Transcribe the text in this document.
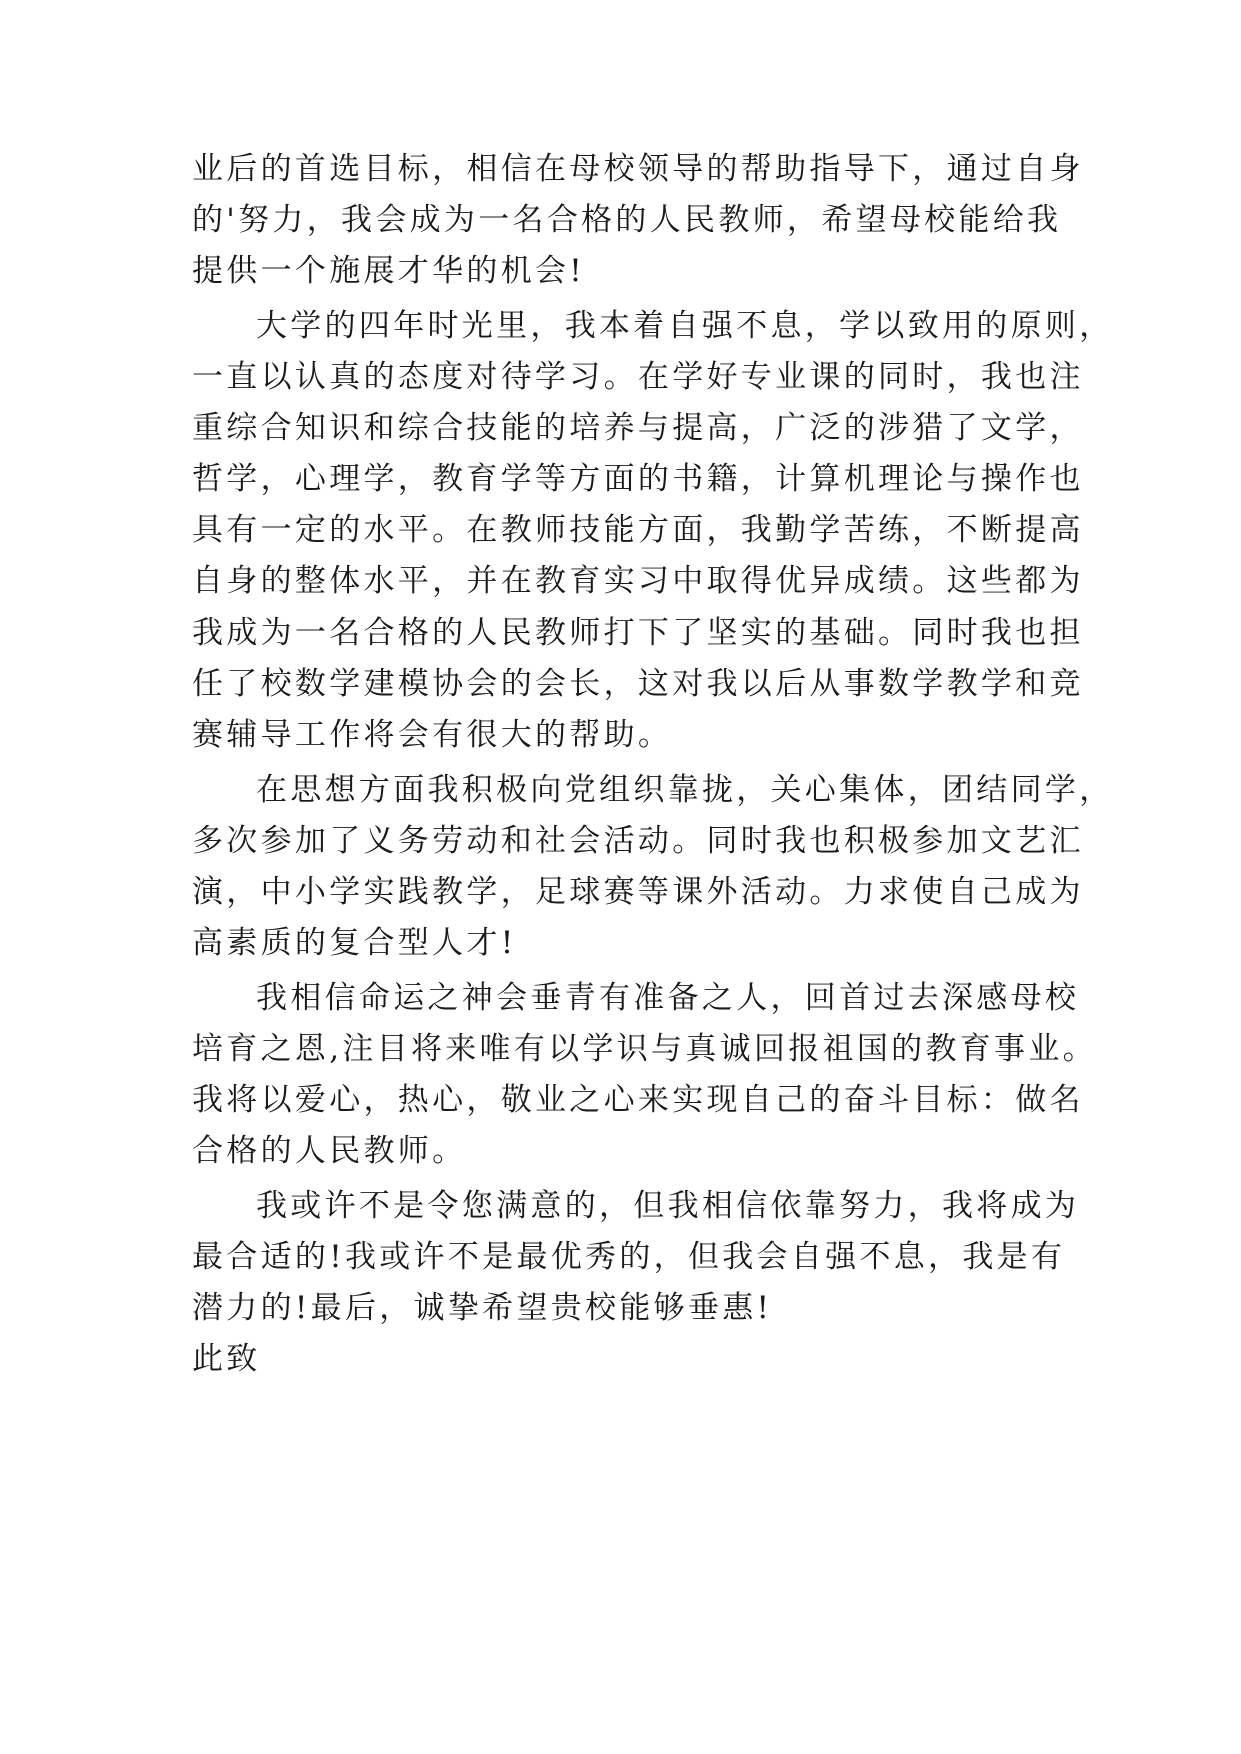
业后的首选目标，相信在母校领导的帮助指导下，通过自身
的'努力，我会成为一名合格的人民教师，希望母校能给我
提供一个施展才华的机会!
大学的四年时光里，我本着自强不息，学以致用的原则，
一直以认真的态度对待学习。在学好专业课的同时，我也注
重综合知识和综合技能的培养与提高，广泛的涉猎了文学，
哲学，心理学，教育学等方面的书籍，计算机理论与操作也
具有一定的水平。在教师技能方面，我勤学苦练，不断提高
自身的整体水平，并在教育实习中取得优异成绩。这些都为
我成为一名合格的人民教师打下了坚实的基础。同时我也担
任了校数学建模协会的会长，这对我以后从事数学教学和竞
赛辅导工作将会有很大的帮助。
在思想方面我积极向党组织靠拢，关心集体，团结同学，
多次参加了义务劳动和社会活动。同时我也积极参加文艺汇
演，中小学实践教学，足球赛等课外活动。力求使自己成为
高素质的复合型人才!
我相信命运之神会垂青有准备之人，回首过去深感母校
培育之恩,注目将来唯有以学识与真诚回报祖国的教育事业。
我将以爱心，热心，敬业之心来实现自己的奋斗目标：做名
合格的人民教师。
我或许不是令您满意的，但我相信依靠努力，我将成为
最合适的!我或许不是最优秀的，但我会自强不息，我是有
潜力的!最后，诚挚希望贵校能够垂惠!
此致
